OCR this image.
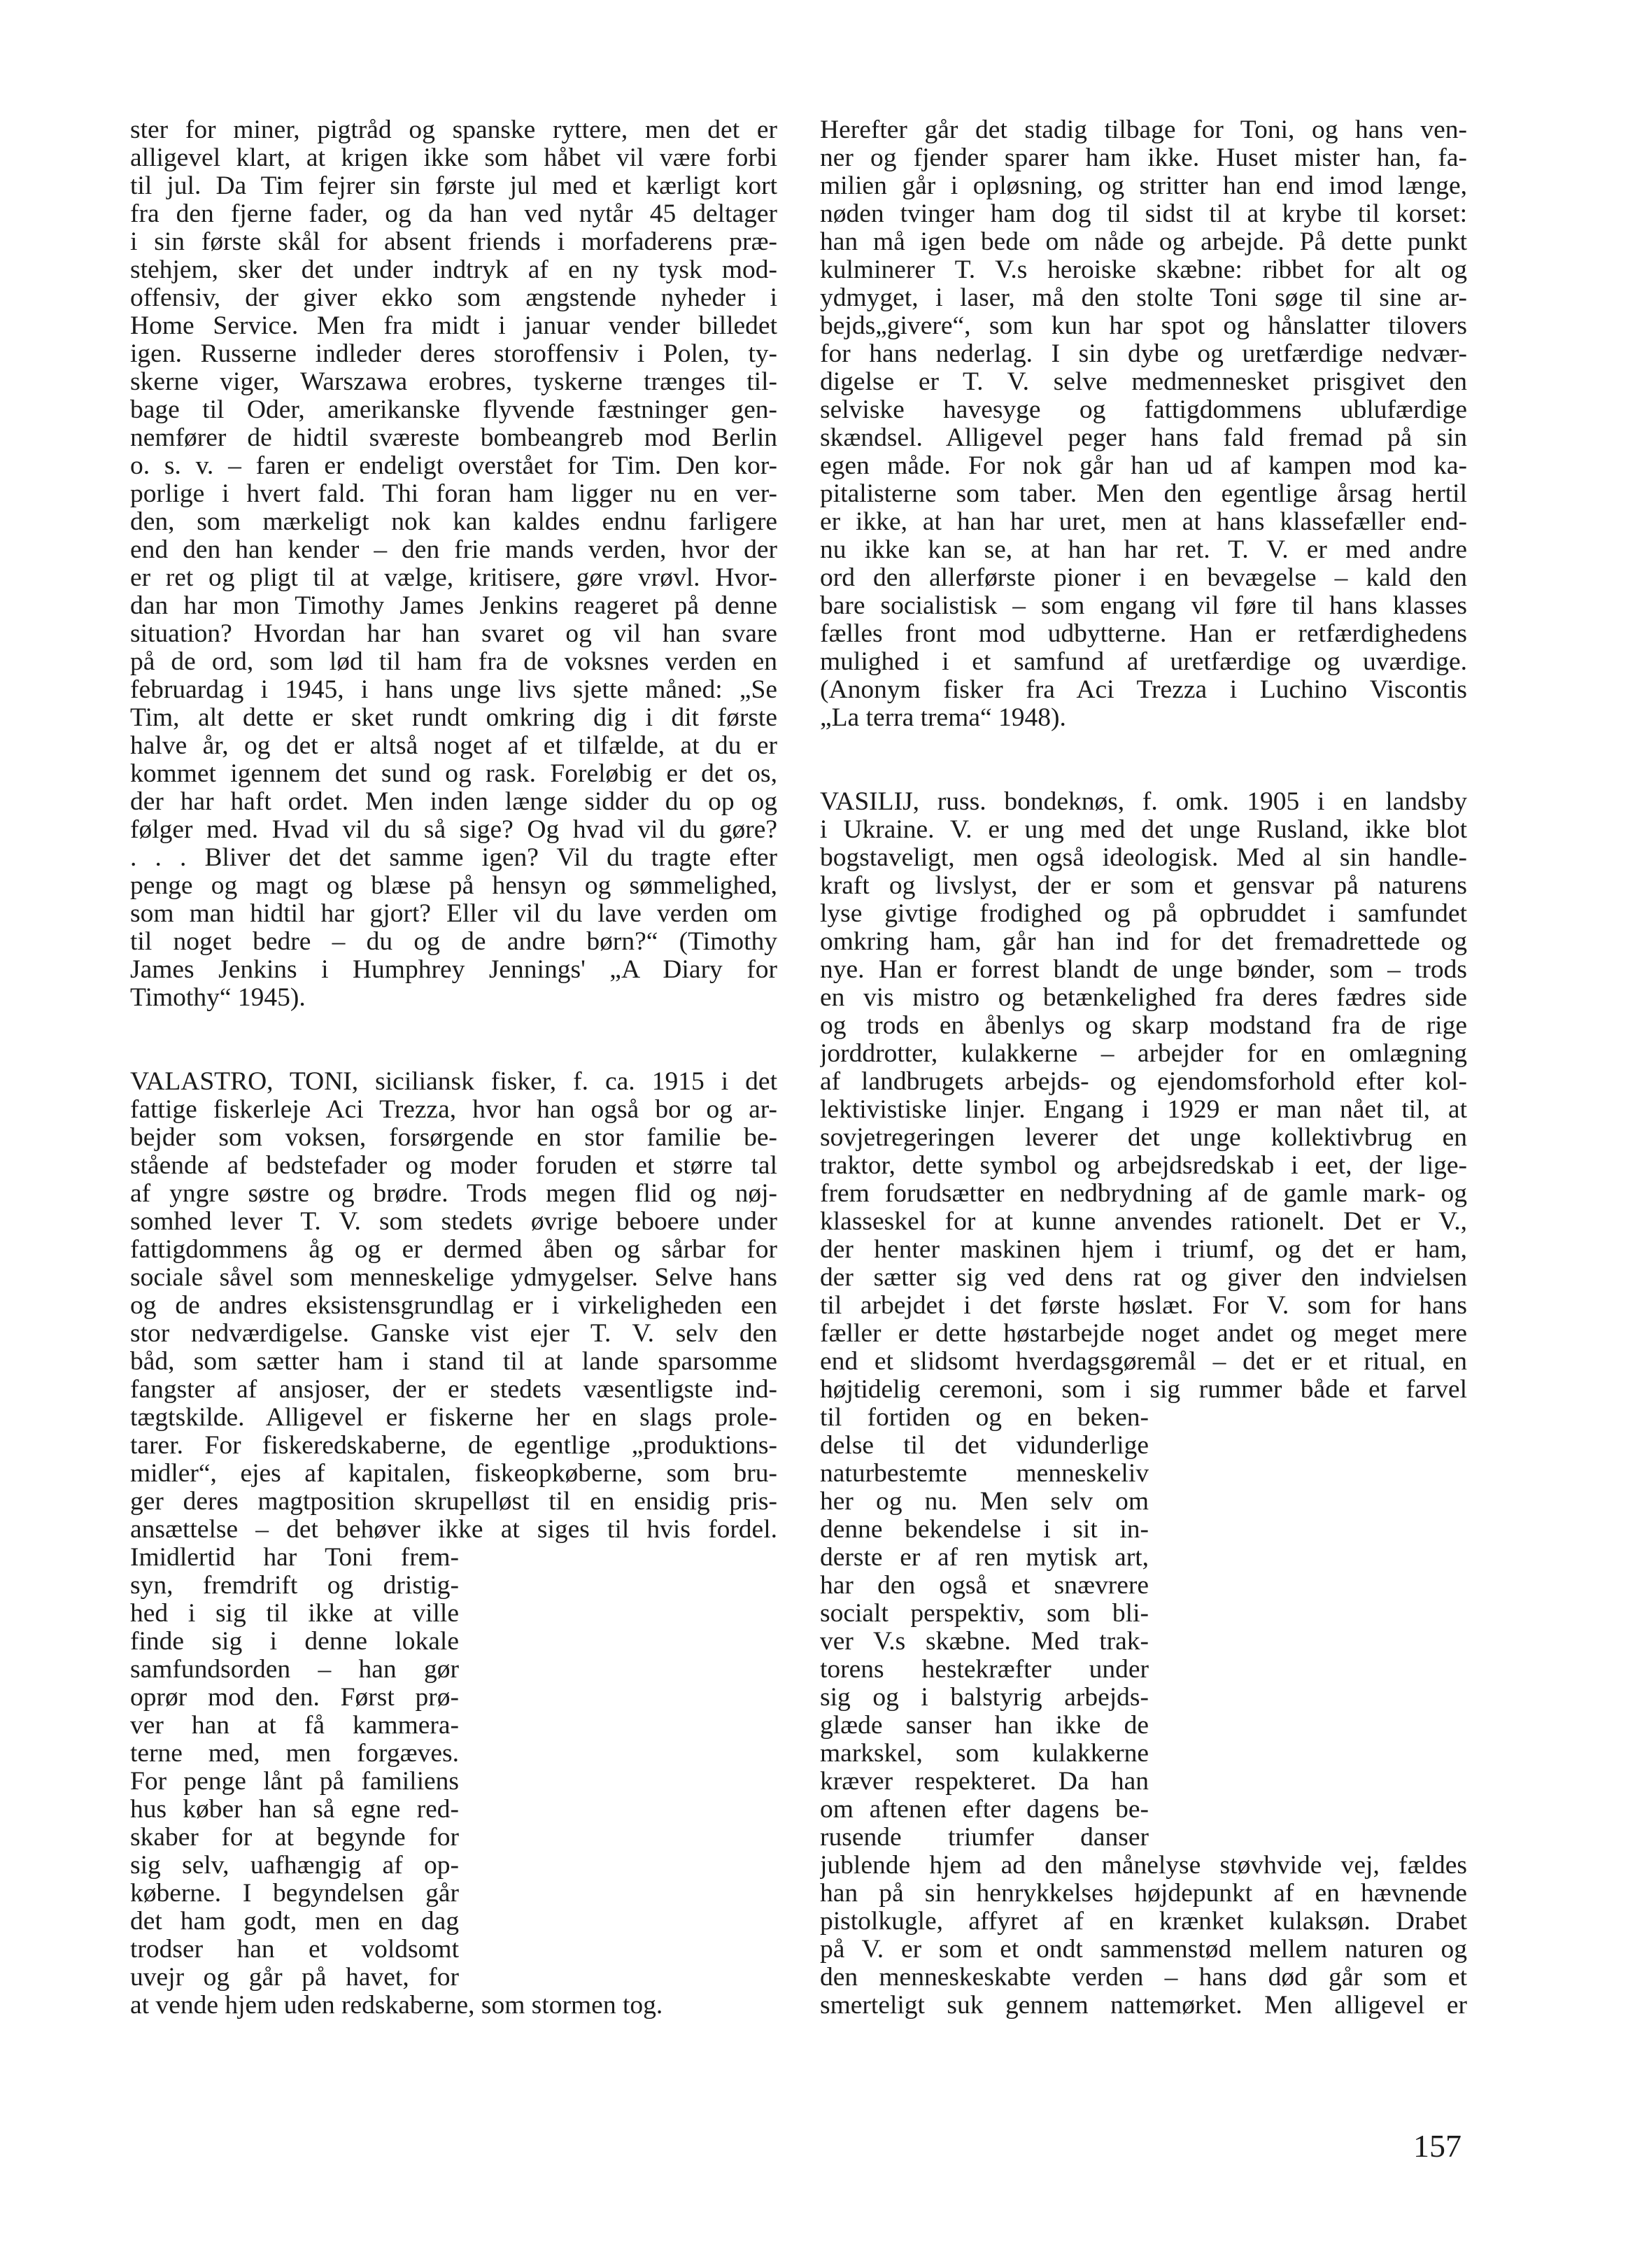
ster for miner, pigtråd og spanske ryttere, men det er
alligevel klart, at krigen ikke som håbet vil være forbi
til jul. Da Tim fejrer sin første jul med et kærligt kort
fra den fjerne fader, og da han ved nytår 45 deltager
i sin første skål for absent friends i morfaderens præ-
stehjem, sker det under indtryk af en ny tysk mod-
offensiv, der giver ekko som ængstende nyheder i
Home Service. Men fra midt i januar vender billedet
igen. Russerne indleder deres storoffensiv i Polen, ty-
skerne viger, Warszawa erobres, tyskerne trænges til-
bage til Oder, amerikanske flyvende fæstninger gen-
nemfører de hidtil sværeste bombeangreb mod Berlin
o. s. v. – faren er endeligt overstået for Tim. Den kor-
porlige i hvert fald. Thi foran ham ligger nu en ver-
den, som mærkeligt nok kan kaldes endnu farligere
end den han kender – den frie mands verden, hvor der
er ret og pligt til at vælge, kritisere, gøre vrøvl. Hvor-
dan har mon Timothy James Jenkins reageret på denne
situation? Hvordan har han svaret og vil han svare
på de ord, som lød til ham fra de voksnes verden en
februardag i 1945, i hans unge livs sjette måned: „Se
Tim, alt dette er sket rundt omkring dig i dit første
halve år, og det er altså noget af et tilfælde, at du er
kommet igennem det sund og rask. Foreløbig er det os,
der har haft ordet. Men inden længe sidder du op og
følger med. Hvad vil du så sige? Og hvad vil du gøre?
. . . Bliver det det samme igen? Vil du tragte efter
penge og magt og blæse på hensyn og sømmelighed,
som man hidtil har gjort? Eller vil du lave verden om
til noget bedre – du og de andre børn?“ (Timothy
James Jenkins i Humphrey Jennings' „A Diary for
Timothy“ 1945).
VALASTRO, TONI, siciliansk fisker, f. ca. 1915 i det
fattige fiskerleje Aci Trezza, hvor han også bor og ar-
bejder som voksen, forsørgende en stor familie be-
stående af bedstefader og moder foruden et større tal
af yngre søstre og brødre. Trods megen flid og nøj-
somhed lever T. V. som stedets øvrige beboere under
fattigdommens åg og er dermed åben og sårbar for
sociale såvel som menneskelige ydmygelser. Selve hans
og de andres eksistensgrundlag er i virkeligheden een
stor nedværdigelse. Ganske vist ejer T. V. selv den
båd, som sætter ham i stand til at lande sparsomme
fangster af ansjoser, der er stedets væsentligste ind-
tægtskilde. Alligevel er fiskerne her en slags prole-
tarer. For fiskeredskaberne, de egentlige „produktions-
midler“, ejes af kapitalen, fiskeopkøberne, som bru-
ger deres magtposition skrupelløst til en ensidig pris-
ansættelse – det behøver ikke at siges til hvis fordel.
Imidlertid har Toni frem-
syn, fremdrift og dristig-
hed i sig til ikke at ville
finde sig i denne lokale
samfundsorden – han gør
oprør mod den. Først prø-
ver han at få kammera-
terne med, men forgæves.
For penge lånt på familiens
hus køber han så egne red-
skaber for at begynde for
sig selv, uafhængig af op-
køberne. I begyndelsen går
det ham godt, men en dag
trodser han et voldsomt
uvejr og går på havet, for
at vende hjem uden redskaberne, som stormen tog.
Herefter går det stadig tilbage for Toni, og hans ven-
ner og fjender sparer ham ikke. Huset mister han, fa-
milien går i opløsning, og stritter han end imod længe,
nøden tvinger ham dog til sidst til at krybe til korset:
han må igen bede om nåde og arbejde. På dette punkt
kulminerer T. V.s heroiske skæbne: ribbet for alt og
ydmyget, i laser, må den stolte Toni søge til sine ar-
bejds„givere“, som kun har spot og hånslatter tilovers
for hans nederlag. I sin dybe og uretfærdige nedvær-
digelse er T. V. selve medmennesket prisgivet den
selviske havesyge og fattigdommens ublufærdige
skændsel. Alligevel peger hans fald fremad på sin
egen måde. For nok går han ud af kampen mod ka-
pitalisterne som taber. Men den egentlige årsag hertil
er ikke, at han har uret, men at hans klassefæller end-
nu ikke kan se, at han har ret. T. V. er med andre
ord den allerførste pioner i en bevægelse – kald den
bare socialistisk – som engang vil føre til hans klasses
fælles front mod udbytterne. Han er retfærdighedens
mulighed i et samfund af uretfærdige og uværdige.
(Anonym fisker fra Aci Trezza i Luchino Viscontis
„La terra trema“ 1948).
VASILIJ, russ. bondeknøs, f. omk. 1905 i en landsby
i Ukraine. V. er ung med det unge Rusland, ikke blot
bogstaveligt, men også ideologisk. Med al sin handle-
kraft og livslyst, der er som et gensvar på naturens
lyse givtige frodighed og på opbruddet i samfundet
omkring ham, går han ind for det fremadrettede og
nye. Han er forrest blandt de unge bønder, som – trods
en vis mistro og betænkelighed fra deres fædres side
og trods en åbenlys og skarp modstand fra de rige
jorddrotter, kulakkerne – arbejder for en omlægning
af landbrugets arbejds- og ejendomsforhold efter kol-
lektivistiske linjer. Engang i 1929 er man nået til, at
sovjetregeringen leverer det unge kollektivbrug en
traktor, dette symbol og arbejdsredskab i eet, der lige-
frem forudsætter en nedbrydning af de gamle mark- og
klasseskel for at kunne anvendes rationelt. Det er V.,
der henter maskinen hjem i triumf, og det er ham,
der sætter sig ved dens rat og giver den indvielsen
til arbejdet i det første høslæt. For V. som for hans
fæller er dette høstarbejde noget andet og meget mere
end et slidsomt hverdagsgøremål – det er et ritual, en
højtidelig ceremoni, som i sig rummer både et farvel
til fortiden og en beken-
delse til det vidunderlige
naturbestemte menneskeliv
her og nu. Men selv om
denne bekendelse i sit in-
derste er af ren mytisk art,
har den også et snævrere
socialt perspektiv, som bli-
ver V.s skæbne. Med trak-
torens hestekræfter under
sig og i balstyrig arbejds-
glæde sanser han ikke de
markskel, som kulakkerne
kræver respekteret. Da han
om aftenen efter dagens be-
rusende triumfer danser
jublende hjem ad den månelyse støvhvide vej, fældes
han på sin henrykkelses højdepunkt af en hævnende
pistolkugle, affyret af en krænket kulaksøn. Drabet
på V. er som et ondt sammenstød mellem naturen og
den menneskeskabte verden – hans død går som et
smerteligt suk gennem nattemørket. Men alligevel er
157
